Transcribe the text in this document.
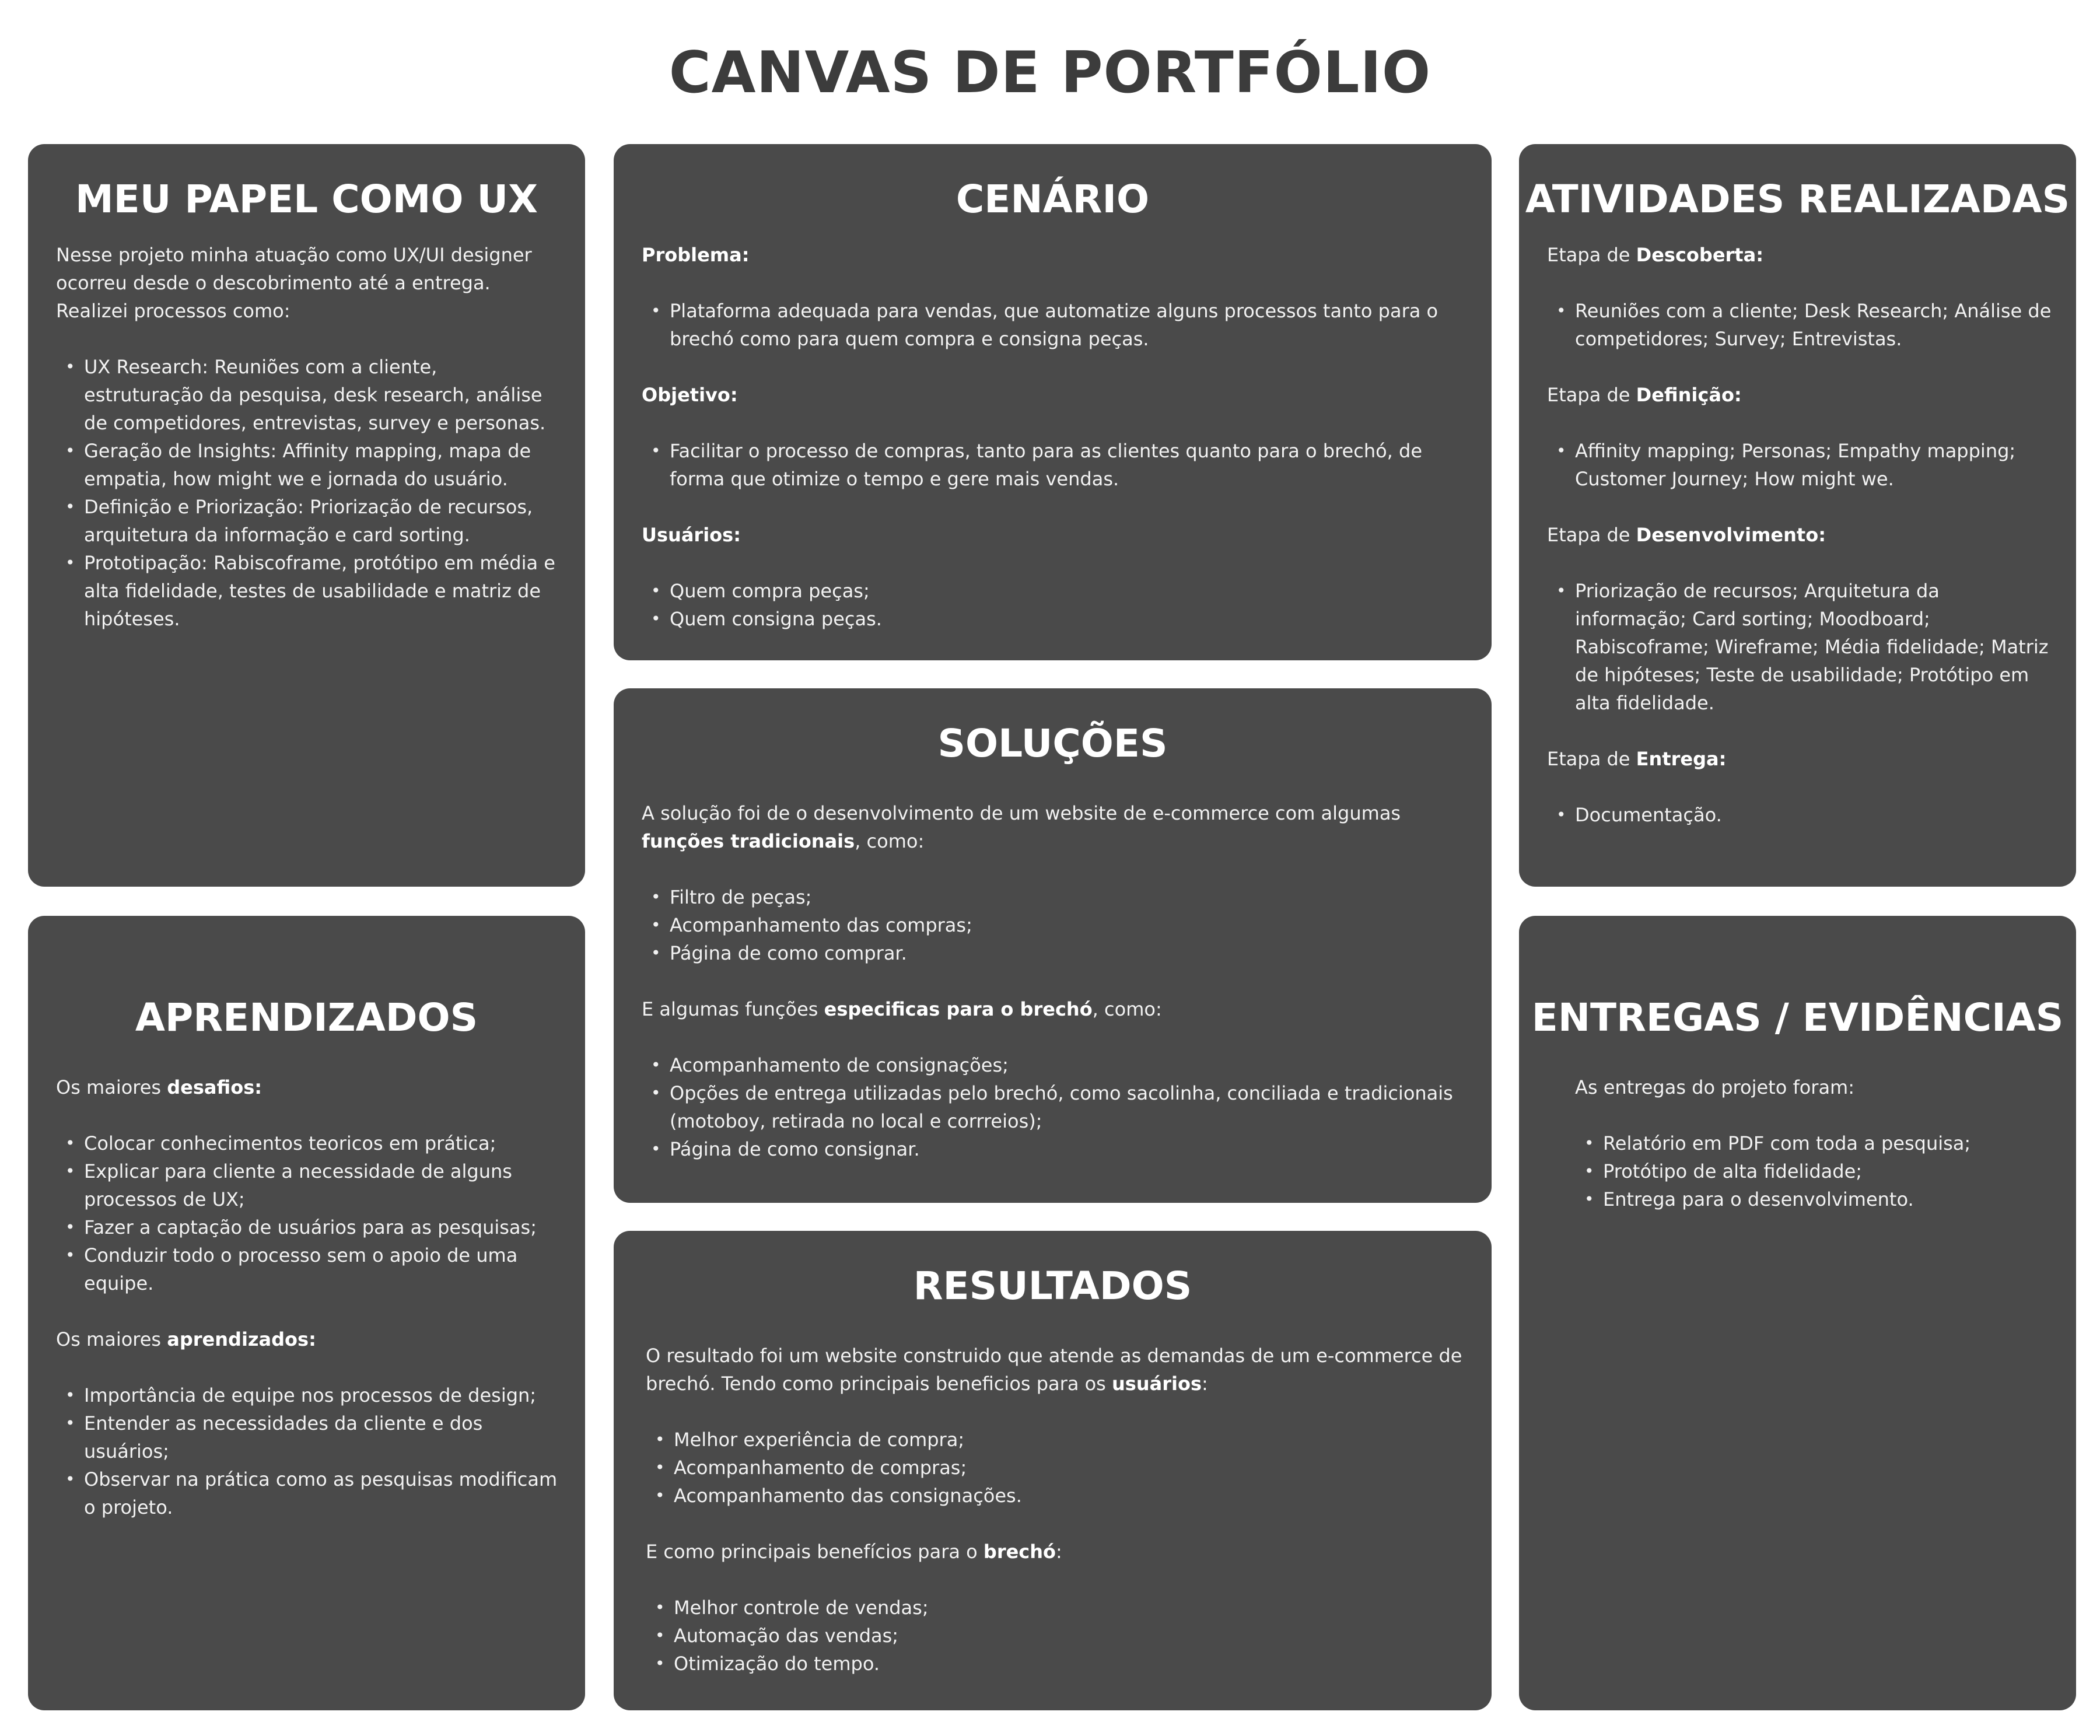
CANVAS DE PORTFÓLIO
MEU PAPEL COMO UX

Nesse projeto minha atuação como UX/UI designer ocorreu desde o descobrimento até a entrega. Realizei processos como:

• UX Research: Reuniões com a cliente, estruturação da pesquisa, desk research, análise de competidores, entrevistas, survey e personas.
• Geração de Insights: Affinity mapping, mapa de empatia, how might we e jornada do usuário.
• Definição e Priorização: Priorização de recursos, arquitetura da informação e card sorting.
• Prototipação: Rabiscoframe, protótipo em média e alta fidelidade, testes de usabilidade e matriz de hipóteses.
CENÁRIO

Problema:

• Plataforma adequada para vendas, que automatize alguns processos tanto para o brechó como para quem compra e consigna peças.

Objetivo:

• Facilitar o processo de compras, tanto para as clientes quanto para o brechó, de forma que otimize o tempo e gere mais vendas.

Usuários:

• Quem compra peças;
• Quem consigna peças.
ATIVIDADES REALIZADAS

Etapa de Descoberta:

• Reuniões com a cliente; Desk Research; Análise de competidores; Survey; Entrevistas.

Etapa de Definição:

• Affinity mapping; Personas; Empathy mapping; Customer Journey; How might we.

Etapa de Desenvolvimento:

• Priorização de recursos; Arquitetura da informação; Card sorting; Moodboard; Rabiscoframe; Wireframe; Média fidelidade; Matriz de hipóteses; Teste de usabilidade; Protótipo em alta fidelidade.

Etapa de Entrega:

• Documentação.
SOLUÇÕES

A solução foi de o desenvolvimento de um website de e-commerce com algumas funções tradicionais, como:

• Filtro de peças;
• Acompanhamento das compras;
• Página de como comprar.

E algumas funções especificas para o brechó, como:

• Acompanhamento de consignações;
• Opções de entrega utilizadas pelo brechó, como sacolinha, conciliada e tradicionais (motoboy, retirada no local e corrreios);
• Página de como consignar.
RESULTADOS

O resultado foi um website construido que atende as demandas de um e-commerce de brechó. Tendo como principais beneficios para os usuários:

• Melhor experiência de compra;
• Acompanhamento de compras;
• Acompanhamento das consignações.

E como principais benefícios para o brechó:

• Melhor controle de vendas;
• Automação das vendas;
• Otimização do tempo.
APRENDIZADOS

Os maiores desafios:

• Colocar conhecimentos teoricos em prática;
• Explicar para cliente a necessidade de alguns processos de UX;
• Fazer a captação de usuários para as pesquisas;
• Conduzir todo o processo sem o apoio de uma equipe.

Os maiores aprendizados:

• Importância de equipe nos processos de design;
• Entender as necessidades da cliente e dos usuários;
• Observar na prática como as pesquisas modificam o projeto.
ENTREGAS / EVIDÊNCIAS

As entregas do projeto foram:

• Relatório em PDF com toda a pesquisa;
• Protótipo de alta fidelidade;
• Entrega para o desenvolvimento.
